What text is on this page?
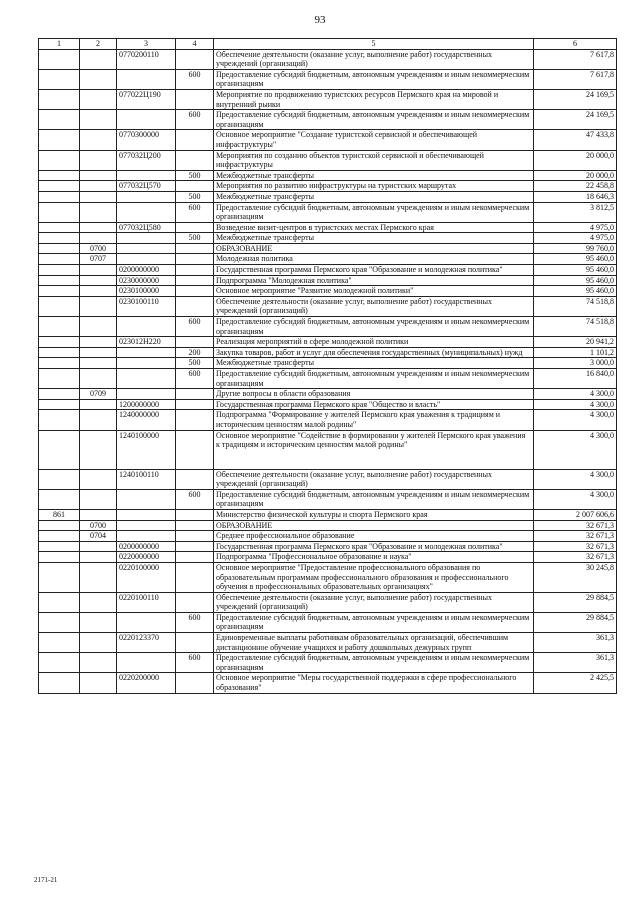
93
1	2	3	4	5	6
		0770200110		Обеспечение деятельности (оказание услуг, выполнение работ) государственных учреждений (организаций)	7 617,8
			600	Предоставление субсидий бюджетным, автономным учреждениям и иным некоммерческим организациям	7 617,8
		077022Ц190		Мероприятие по продвижению туристских ресурсов Пермского края на мировой и внутренний рынки	24 169,5
			600	Предоставление субсидий бюджетным, автономным учреждениям и иным некоммерческим организациям	24 169,5
		0770300000		Основное мероприятие "Создание туристской сервисной и обеспечивающей инфраструктуры"	47 433,8
		077032Ц200		Мероприятия по созданию объектов туристской сервисной и обеспечивающей инфраструктуры	20 000,0
			500	Межбюджетные трансферты	20 000,0
		077032Ц570		Мероприятия по развитию инфраструктуры на туристских маршрутах	22 458,8
			500	Межбюджетные трансферты	18 646,3
			600	Предоставление субсидий бюджетным, автономным учреждениям и иным некоммерческим организациям	3 812,5
		077032Ц580		Возведение визит-центров в туристских местах Пермского края	4 975,0
			500	Межбюджетные трансферты	4 975,0
	0700			ОБРАЗОВАНИЕ	99 760,0
	0707			Молодежная политика	95 460,0
		0200000000		Государственная программа Пермского края "Образование и молодежная политика"	95 460,0
		0230000000		Подпрограмма "Молодежная политика"	95 460,0
		0230100000		Основное мероприятие "Развитие молодежной политики"	95 460,0
		0230100110		Обеспечение деятельности (оказание услуг, выполнение работ) государственных учреждений (организаций)	74 518,8
			600	Предоставление субсидий бюджетным, автономным учреждениям и иным некоммерческим организациям	74 518,8
		023012Н220		Реализация мероприятий в сфере молодежной политики	20 941,2
			200	Закупка товаров, работ и услуг для обеспечения государственных (муниципальных) нужд	1 101,2
			500	Межбюджетные трансферты	3 000,0
			600	Предоставление субсидий бюджетным, автономным учреждениям и иным некоммерческим организациям	16 840,0
	0709			Другие вопросы в области образования	4 300,0
		1200000000		Государственная программа Пермского края "Общество и власть"	4 300,0
		1240000000		Подпрограмма "Формирование у жителей Пермского края уважения к традициям и историческим ценностям малой родины"	4 300,0
		1240100000		Основное мероприятие "Содействие в формировании у жителей Пермского края уважения к традициям и историческим ценностям малой родины"	4 300,0
		1240100110		Обеспечение деятельности (оказание услуг, выполнение работ) государственных учреждений (организаций)	4 300,0
			600	Предоставление субсидий бюджетным, автономным учреждениям и иным некоммерческим организациям	4 300,0
861				Министерство физической культуры и спорта Пермского края	2 007 606,6
	0700			ОБРАЗОВАНИЕ	32 671,3
	0704			Среднее профессиональное образование	32 671,3
		0200000000		Государственная программа Пермского края "Образование и молодежная политика"	32 671,3
		0220000000		Подпрограмма "Профессиональное образование и наука"	32 671,3
		0220100000		Основное мероприятие "Предоставление профессионального образования по образовательным программам профессионального образования и профессионального обучения в профессиональных образовательных организациях"	30 245,8
		0220100110		Обеспечение деятельности (оказание услуг, выполнение работ) государственных учреждений (организаций)	29 884,5
			600	Предоставление субсидий бюджетным, автономным учреждениям и иным некоммерческим организациям	29 884,5
		0220123370		Единовременные выплаты работникам образовательных организаций, обеспечившим дистанционное обучение учащихся и работу дошкольных дежурных групп	361,3
			600	Предоставление субсидий бюджетным, автономным учреждениям и иным некоммерческим организациям	361,3
		0220200000		Основное мероприятие "Меры государственной поддержки в сфере профессионального образования"	2 425,5
2171-21
